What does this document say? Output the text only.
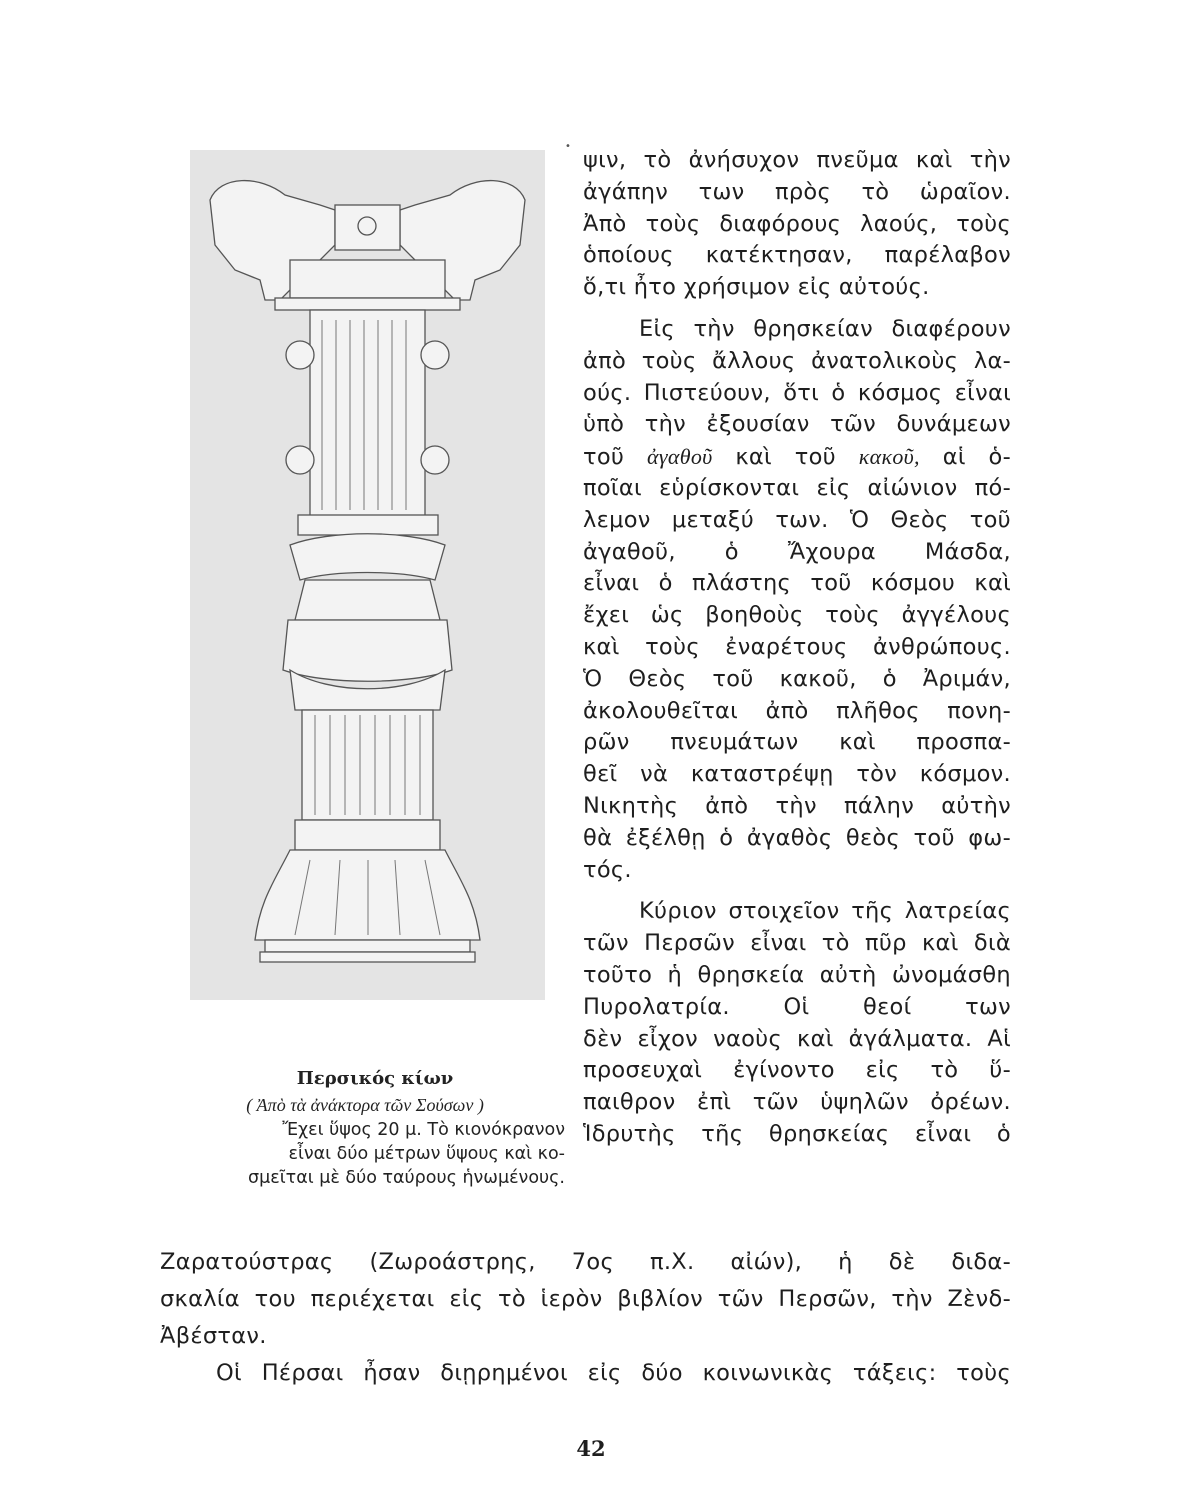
Περσικός κίων
( Ἀπὸ τὰ ἀνάκτορα τῶν Σούσων )
Ἔχει ὕψος 20 μ. Τὸ κιονόκρανον
εἶναι δύο μέτρων ὕψους καὶ κο-
σμεῖται μὲ δύο ταύρους ἡνωμένους.
•
ψιν, τὸ ἀνήσυχον πνεῦμα καὶ τὴν
ἀγάπην των πρὸς τὸ ὡραῖον.
Ἀπὸ τοὺς διαφόρους λαούς, τοὺς
ὁποίους κατέκτησαν, παρέλαβον
ὅ,τι ἦτο χρήσιμον εἰς αὐτούς.
Εἰς τὴν θρησκείαν διαφέρουν
ἀπὸ τοὺς ἄλλους ἀνατολικοὺς λα-
ούς. Πιστεύουν, ὅτι ὁ κόσμος εἶναι
ὑπὸ τὴν ἐξουσίαν τῶν δυνάμεων
τοῦ ἀγαθοῦ καὶ τοῦ κακοῦ, αἱ ὁ-
ποῖαι εὑρίσκονται εἰς αἰώνιον πό-
λεμον μεταξύ των. Ὁ Θεὸς τοῦ
ἀγαθοῦ, ὁ Ἄχουρα Μάσδα,
εἶναι ὁ πλάστης τοῦ κόσμου καὶ
ἔχει ὡς βοηθοὺς τοὺς ἀγγέλους
καὶ τοὺς ἐναρέτους ἀνθρώπους.
Ὁ Θεὸς τοῦ κακοῦ, ὁ Ἀριμάν,
ἀκολουθεῖται ἀπὸ πλῆθος πονη-
ρῶν πνευμάτων καὶ προσπα-
θεῖ νὰ καταστρέψῃ τὸν κόσμον.
Νικητὴς ἀπὸ τὴν πάλην αὐτὴν
θὰ ἐξέλθῃ ὁ ἀγαθὸς θεὸς τοῦ φω-
τός.
Κύριον στοιχεῖον τῆς λατρείας
τῶν Περσῶν εἶναι τὸ πῦρ καὶ διὰ
τοῦτο ἡ θρησκεία αὐτὴ ὠνομάσθη
Πυρολατρία. Οἱ θεοί των
δὲν εἶχον ναοὺς καὶ ἀγάλματα. Αἱ
προσευχαὶ ἐγίνοντο εἰς τὸ ὕ-
παιθρον ἐπὶ τῶν ὑψηλῶν ὀρέων.
Ἱδρυτὴς τῆς θρησκείας εἶναι ὁ
Ζαρατούστρας (Ζωροάστρης, 7ος π.Χ. αἰών), ἡ δὲ διδα-
σκαλία του περιέχεται εἰς τὸ ἱερὸν βιβλίον τῶν Περσῶν, τὴν Ζὲνδ-
Ἀβέσταν.
Οἱ Πέρσαι ἦσαν διῃρημένοι εἰς δύο κοινωνικὰς τάξεις: τοὺς
42
